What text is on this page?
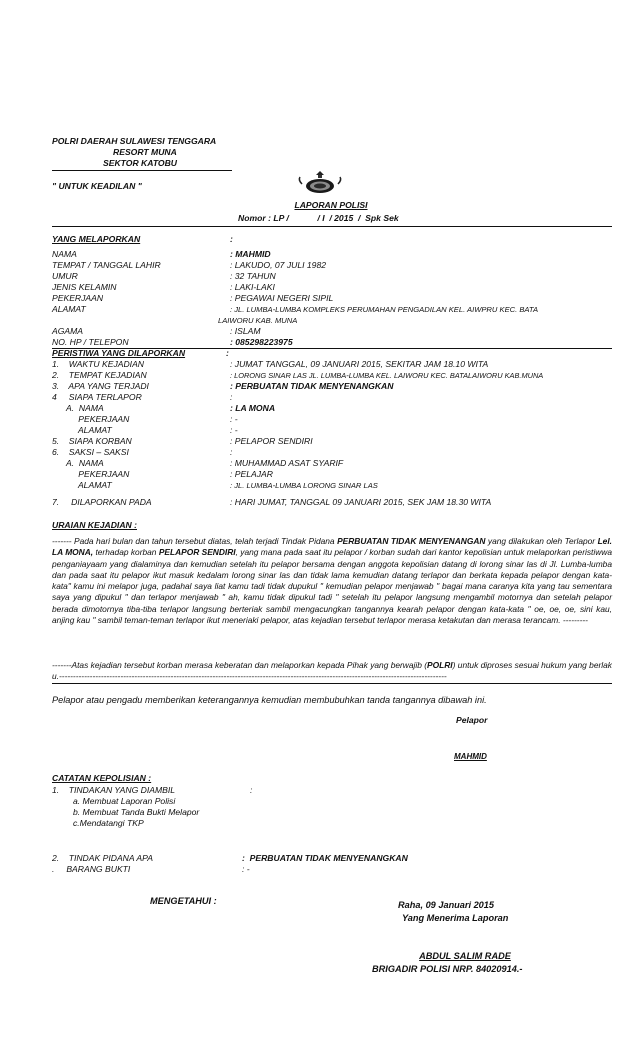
POLRI DAERAH SULAWESI TENGGARA
RESORT MUNA
SEKTOR KATOBU
" UNTUK KEADILAN "
LAPORAN POLISI
Nomor : LP /            / I  / 2015  /  Spk Sek
YANG MELAPORKAN	:
NAMA	: MAHMID
TEMPAT / TANGGAL LAHIR	: LAKUDO, 07 JULI 1982
UMUR	: 32 TAHUN
JENIS KELAMIN	: LAKI-LAKI
PEKERJAAN	: PEGAWAI NEGERI SIPIL
ALAMAT	: JL. LUMBA-LUMBA KOMPLEKS PERUMAHAN PENGADILAN KEL. AIWPRU KEC. BATA
LAIWORU KAB. MUNA
AGAMA	: ISLAM
NO. HP / TELEPON	: 085298223975
PERISTIWA YANG DILAPORKAN	:
1.    WAKTU KEJADIAN	: JUMAT TANGGAL, 09 JANUARI 2015, SEKITAR JAM 18.10 WITA
2.    TEMPAT KEJADIAN	: LORONG SINAR LAS JL. LUMBA-LUMBA KEL. LAIWORU KEC. BATALAIWORU KAB.MUNA
3.    APA YANG TERJADI	: PERBUATAN TIDAK MENYENANGKAN
4     SIAPA TERLAPOR	:
A.  NAMA	: LA MONA
PEKERJAAN	: -
ALAMAT	: -
5.    SIAPA KORBAN	: PELAPOR SENDIRI
6.    SAKSI – SAKSI	:
A.  NAMA	: MUHAMMAD ASAT SYARIF
PEKERJAAN	: PELAJAR
ALAMAT	: JL. LUMBA-LUMBA LORONG SINAR LAS
7.     DILAPORKAN PADA	: HARI JUMAT, TANGGAL 09 JANUARI 2015, SEK JAM 18.30 WITA
URAIAN KEJADIAN :

------- Pada hari bulan dan tahun tersebut diatas, telah terjadi Tindak Pidana PERBUATAN TIDAK MENYENANGAN yang dilakukan oleh Terlapor Lel. LA MONA, terhadap korban PELAPOR SENDIRI, yang mana pada saat itu pelapor / korban sudah dari kantor kepolisian untuk melaporkan peristiwwa penganiayaam yang dialaminya dan kemudian setelah itu pelapor bersama dengan anggota kepolisian datang di lorong sinar las di Jl. Lumba-lumba dan pada saat itu pelapor ikut masuk kedalam lorong sinar las dan tidak lama kemudian datang terlapor dan berkata kepada pelapor dengan kata-kata" kamu ini melapor juga, padahal saya liat kamu tadi tidak dupukul " kemudian pelapor menjawab " bagai mana caranya kita yang tau sementara saya yang dipukul " dan terlapor menjawab " ah, kamu tidak dipukul tadi " setelah itu pelapor langsung mengambil motornya dan setelah pelapor berada dimotornya tiba-tiba terlapor langsung berteriak sambil mengacungkan tangannya kearah pelapor dengan kata-kata " oe, oe, oe, sini kau, anjing kau " sambil teman-teman terlapor ikut meneriaki pelapor, atas kejadian tersebut terlapor merasa ketakutan dan merasa terancam. ---------

-------Atas kejadian tersebut korban merasa keberatan dan melaporkan kepada Pihak yang berwajib (POLRI) untuk diproses sesuai hukum yang berlaku.-------------------------------------------------------------------------------------------------------------------------------------------

Pelapor atau pengadu memberikan keterangannya kemudian membubuhkan tanda tangannya dibawah ini.
Pelapor
MAHMID
CATATAN KEPOLISIAN :
1.    TINDAKAN YANG DIAMBIL	:
a. Membuat Laporan Polisi
b. Membuat Tanda Bukti Melapor
c.Mendatangi TKP
2.    TINDAK PIDANA APA	:  PERBUATAN TIDAK MENYENANGKAN
.     BARANG BUKTI	: -
MENGETAHUI :	Raha, 09 Januari 2015
Yang Menerima Laporan
ABDUL SALIM RADE
BRIGADIR POLISI NRP. 84020914.-
